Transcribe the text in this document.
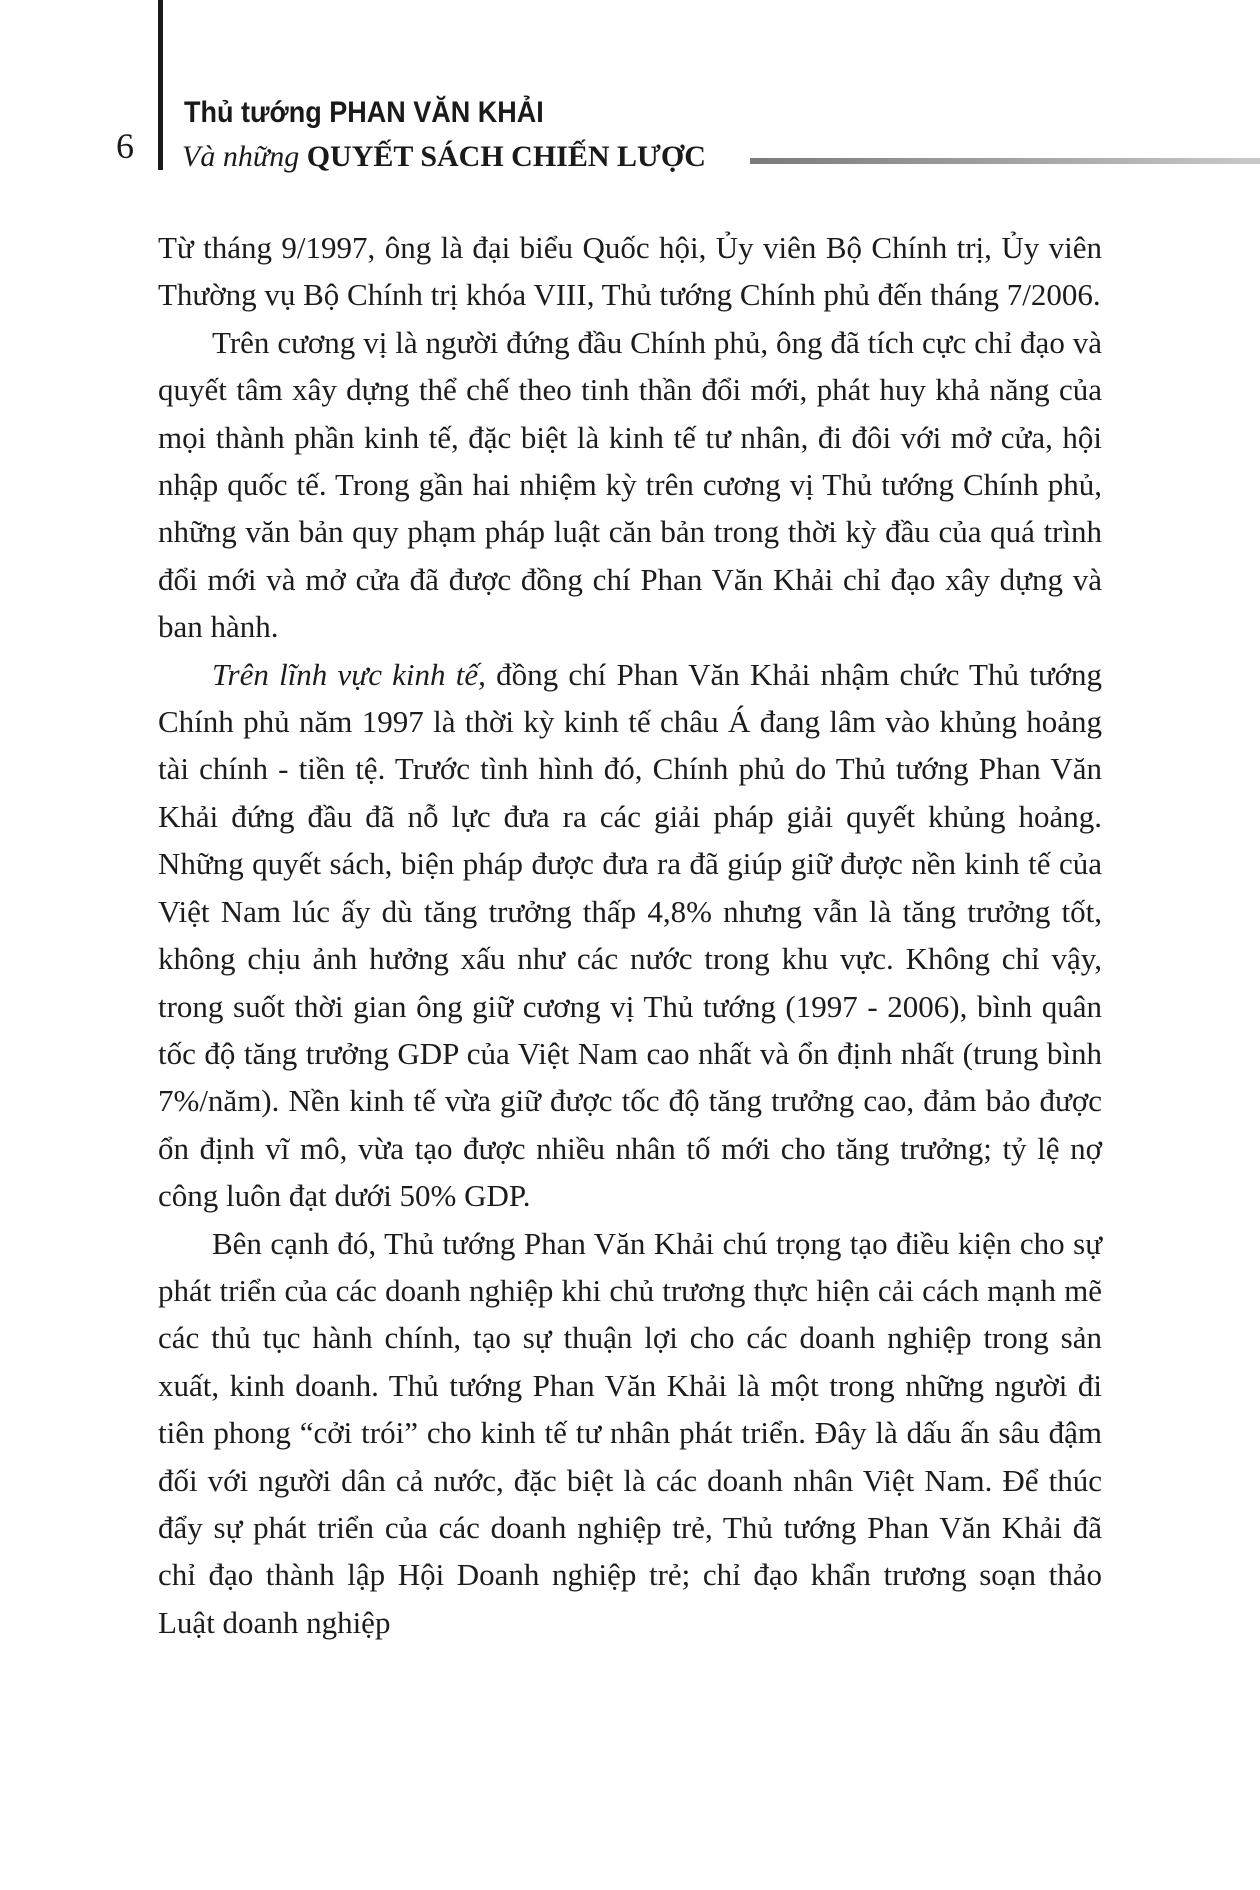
6
Thủ tướng PHAN VĂN KHẢI
Và những QUYẾT SÁCH CHIẾN LƯỢC

Từ tháng 9/1997, ông là đại biểu Quốc hội, Ủy viên Bộ Chính trị, Ủy viên Thường vụ Bộ Chính trị khóa VIII, Thủ tướng Chính phủ đến tháng 7/2006.

Trên cương vị là người đứng đầu Chính phủ, ông đã tích cực chỉ đạo và quyết tâm xây dựng thể chế theo tinh thần đổi mới, phát huy khả năng của mọi thành phần kinh tế, đặc biệt là kinh tế tư nhân, đi đôi với mở cửa, hội nhập quốc tế. Trong gần hai nhiệm kỳ trên cương vị Thủ tướng Chính phủ, những văn bản quy phạm pháp luật căn bản trong thời kỳ đầu của quá trình đổi mới và mở cửa đã được đồng chí Phan Văn Khải chỉ đạo xây dựng và ban hành.

Trên lĩnh vực kinh tế, đồng chí Phan Văn Khải nhậm chức Thủ tướng Chính phủ năm 1997 là thời kỳ kinh tế châu Á đang lâm vào khủng hoảng tài chính - tiền tệ. Trước tình hình đó, Chính phủ do Thủ tướng Phan Văn Khải đứng đầu đã nỗ lực đưa ra các giải pháp giải quyết khủng hoảng. Những quyết sách, biện pháp được đưa ra đã giúp giữ được nền kinh tế của Việt Nam lúc ấy dù tăng trưởng thấp 4,8% nhưng vẫn là tăng trưởng tốt, không chịu ảnh hưởng xấu như các nước trong khu vực. Không chỉ vậy, trong suốt thời gian ông giữ cương vị Thủ tướng (1997 - 2006), bình quân tốc độ tăng trưởng GDP của Việt Nam cao nhất và ổn định nhất (trung bình 7%/năm). Nền kinh tế vừa giữ được tốc độ tăng trưởng cao, đảm bảo được ổn định vĩ mô, vừa tạo được nhiều nhân tố mới cho tăng trưởng; tỷ lệ nợ công luôn đạt dưới 50% GDP.

Bên cạnh đó, Thủ tướng Phan Văn Khải chú trọng tạo điều kiện cho sự phát triển của các doanh nghiệp khi chủ trương thực hiện cải cách mạnh mẽ các thủ tục hành chính, tạo sự thuận lợi cho các doanh nghiệp trong sản xuất, kinh doanh. Thủ tướng Phan Văn Khải là một trong những người đi tiên phong “cởi trói” cho kinh tế tư nhân phát triển. Đây là dấu ấn sâu đậm đối với người dân cả nước, đặc biệt là các doanh nhân Việt Nam. Để thúc đẩy sự phát triển của các doanh nghiệp trẻ, Thủ tướng Phan Văn Khải đã chỉ đạo thành lập Hội Doanh nghiệp trẻ; chỉ đạo khẩn trương soạn thảo Luật doanh nghiệp
